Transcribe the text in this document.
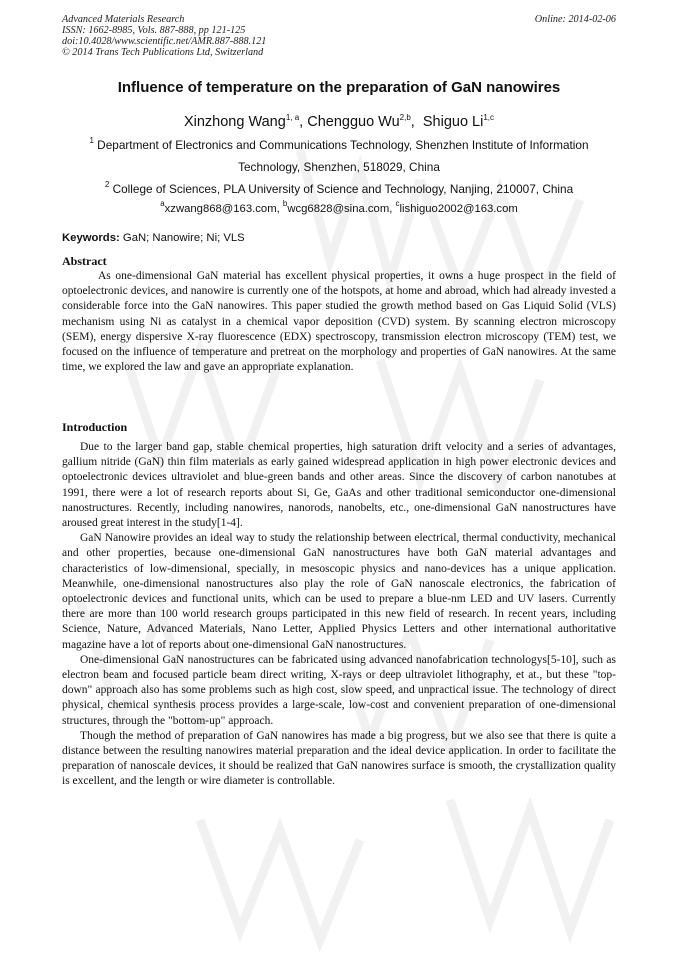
Advanced Materials Research
ISSN: 1662-8985, Vols. 887-888, pp 121-125
doi:10.4028/www.scientific.net/AMR.887-888.121
© 2014 Trans Tech Publications Ltd, Switzerland
Online: 2014-02-06
Influence of temperature on the preparation of GaN nanowires
Xinzhong Wang$^{1, a}$, Chengguo Wu$^{2,b}$,  Shiguo Li$^{1,c}$
$^1$ Department of Electronics and Communications Technology, Shenzhen Institute of Information Technology, Shenzhen, 518029, China
$^2$ College of Sciences, PLA University of Science and Technology, Nanjing, 210007, China
$^a$xzwang868@163.com, $^b$wcg6828@sina.com, $^c$lishiguo2002@163.com
Keywords: GaN; Nanowire; Ni; VLS
Abstract

As one-dimensional GaN material has excellent physical properties, it owns a huge prospect in the field of optoelectronic devices, and nanowire is currently one of the hotspots, at home and abroad, which had already invested a considerable force into the GaN nanowires. This paper studied the growth method based on Gas Liquid Solid (VLS) mechanism using Ni as catalyst in a chemical vapor deposition (CVD) system. By scanning electron microscopy (SEM), energy dispersive X-ray fluorescence (EDX) spectroscopy, transmission electron microscopy (TEM) test, we focused on the influence of temperature and pretreat on the morphology and properties of GaN nanowires. At the same time, we explored the law and gave an appropriate explanation.

Introduction

Due to the larger band gap, stable chemical properties, high saturation drift velocity and a series of advantages, gallium nitride (GaN) thin film materials as early gained widespread application in high power electronic devices and optoelectronic devices ultraviolet and blue-green bands and other areas. Since the discovery of carbon nanotubes at 1991, there were a lot of research reports about Si, Ge, GaAs and other traditional semiconductor one-dimensional nanostructures. Recently, including nanowires, nanorods, nanobelts, etc., one-dimensional GaN nanostructures have aroused great interest in the study[1-4].

GaN Nanowire provides an ideal way to study the relationship between electrical, thermal conductivity, mechanical and other properties, because one-dimensional GaN nanostructures have both GaN material advantages and characteristics of low-dimensional, specially, in mesoscopic physics and nano-devices has a unique application. Meanwhile, one-dimensional nanostructures also play the role of GaN nanoscale electronics, the fabrication of optoelectronic devices and functional units, which can be used to prepare a blue-nm LED and UV lasers. Currently there are more than 100 world research groups participated in this new field of research. In recent years, including Science, Nature, Advanced Materials, Nano Letter, Applied Physics Letters and other international authoritative magazine have a lot of reports about one-dimensional GaN nanostructures.

One-dimensional GaN nanostructures can be fabricated using advanced nanofabrication technologys[5-10], such as electron beam and focused particle beam direct writing, X-rays or deep ultraviolet lithography, et at., but these "top-down" approach also has some problems such as high cost, slow speed, and unpractical issue. The technology of direct physical, chemical synthesis process provides a large-scale, low-cost and convenient preparation of one-dimensional structures, through the "bottom-up" approach.

Though the method of preparation of GaN nanowires has made a big progress, but we also see that there is quite a distance between the resulting nanowires material preparation and the ideal device application. In order to facilitate the preparation of nanoscale devices, it should be realized that GaN nanowires surface is smooth, the crystallization quality is excellent, and the length or wire diameter is controllable.
